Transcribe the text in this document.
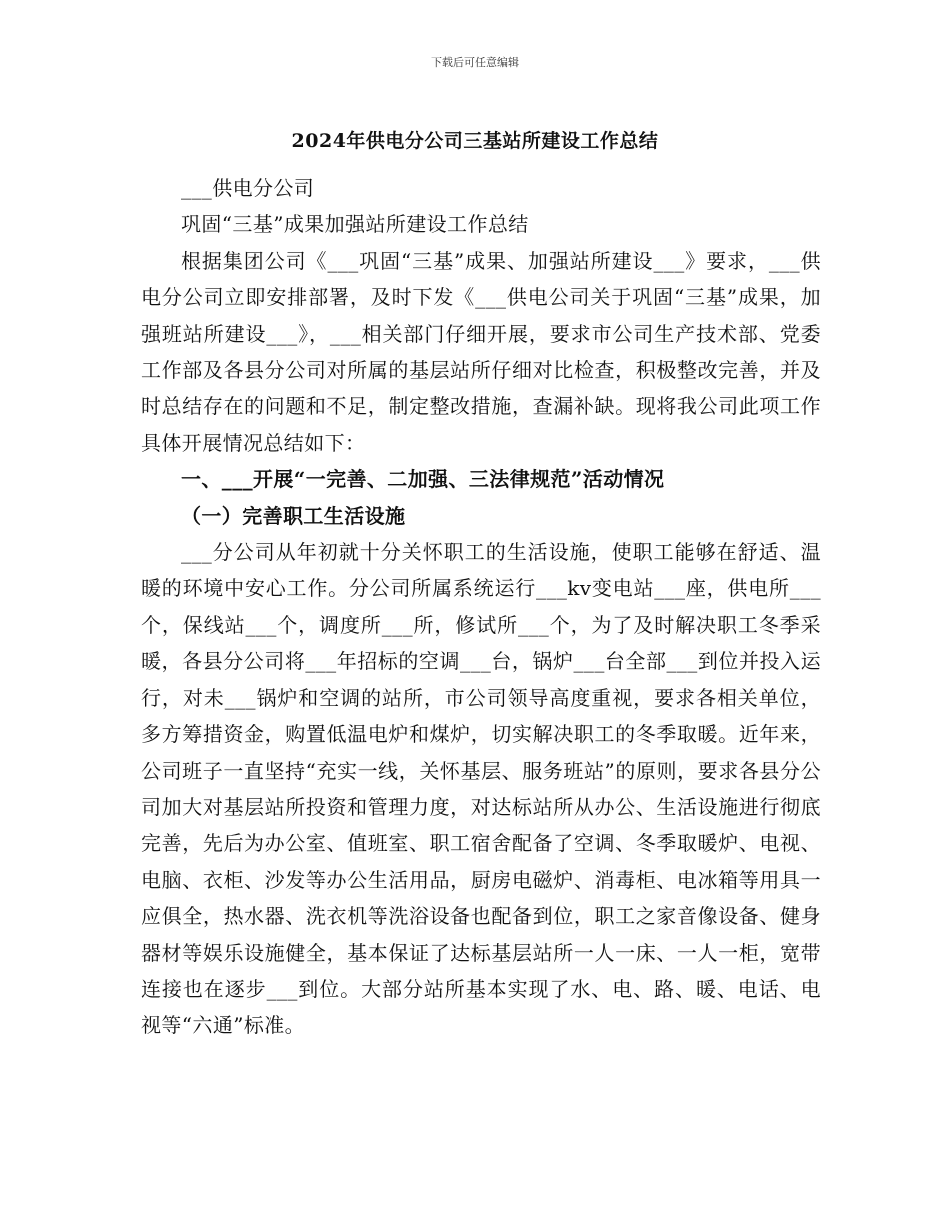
下载后可任意编辑
2024年供电分公司三基站所建设工作总结

___供电分公司

巩固“三基”成果加强站所建设工作总结

根据集团公司《___巩固“三基”成果、加强站所建设___》要求，___供电分公司立即安排部署，及时下发《___供电公司关于巩固“三基”成果，加强班站所建设___》，___相关部门仔细开展，要求市公司生产技术部、党委工作部及各县分公司对所属的基层站所仔细对比检查，积极整改完善，并及时总结存在的问题和不足，制定整改措施，查漏补缺。现将我公司此项工作具体开展情况总结如下：

一、___开展“一完善、二加强、三法律规范”活动情况

（一）完善职工生活设施

___分公司从年初就十分关怀职工的生活设施，使职工能够在舒适、温暖的环境中安心工作。分公司所属系统运行___kv变电站___座，供电所___个，保线站___个，调度所___所，修试所___个，为了及时解决职工冬季采暖，各县分公司将___年招标的空调___台，锅炉___台全部___到位并投入运行，对未___锅炉和空调的站所，市公司领导高度重视，要求各相关单位，多方筹措资金，购置低温电炉和煤炉，切实解决职工的冬季取暖。近年来，公司班子一直坚持“充实一线，关怀基层、服务班站”的原则，要求各县分公司加大对基层站所投资和管理力度，对达标站所从办公、生活设施进行彻底完善，先后为办公室、值班室、职工宿舍配备了空调、冬季取暖炉、电视、电脑、衣柜、沙发等办公生活用品，厨房电磁炉、消毒柜、电冰箱等用具一应俱全，热水器、洗衣机等洗浴设备也配备到位，职工之家音像设备、健身器材等娱乐设施健全，基本保证了达标基层站所一人一床、一人一柜，宽带连接也在逐步___到位。大部分站所基本实现了水、电、路、暖、电话、电视等“六通”标准。
